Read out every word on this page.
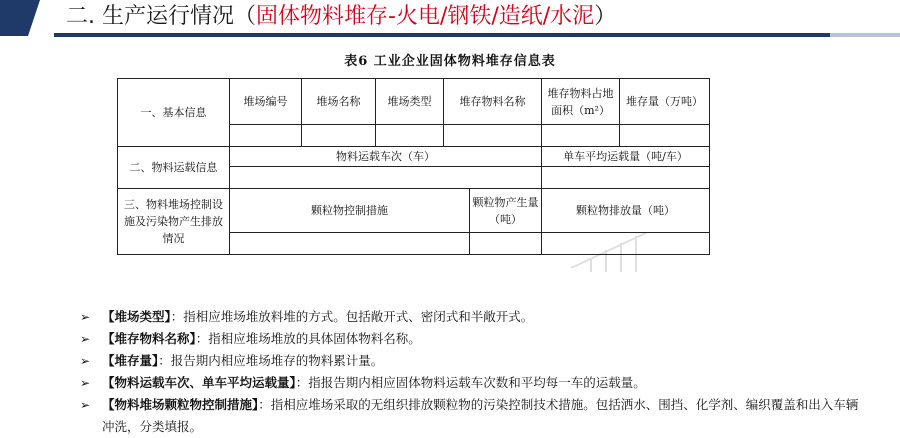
二. 生产运行情况（固体物料堆存-火电/钢铁/造纸/水泥）
表6 工业企业固体物料堆存信息表
一、基本信息	堆场编号	堆场名称	堆场类型	堆存物料名称		堆存物料占地面积（m²）	堆存量（万吨）

二、物料运载信息	物料运载车次（车）					单车平均运载量（吨/车）	

三、物料堆场控制设施及污染物产生排放情况	颗粒物控制措施				颗粒物产生量（吨）	颗粒物排放量（吨）	

➢ 【堆场类型】：指相应堆场堆放料堆的方式。包括敞开式、密闭式和半敞开式。
➢ 【堆存物料名称】：指相应堆场堆放的具体固体物料名称。
➢ 【堆存量】：报告期内相应堆场堆存的物料累计量。
➢ 【物料运载车次、单车平均运载量】：指报告期内相应固体物料运载车次数和平均每一车的运载量。
➢ 【物料堆场颗粒物控制措施】：指相应堆场采取的无组织排放颗粒物的污染控制技术措施。包括洒水、围挡、化学剂、编织覆盖和出入车辆冲洗，分类填报。
